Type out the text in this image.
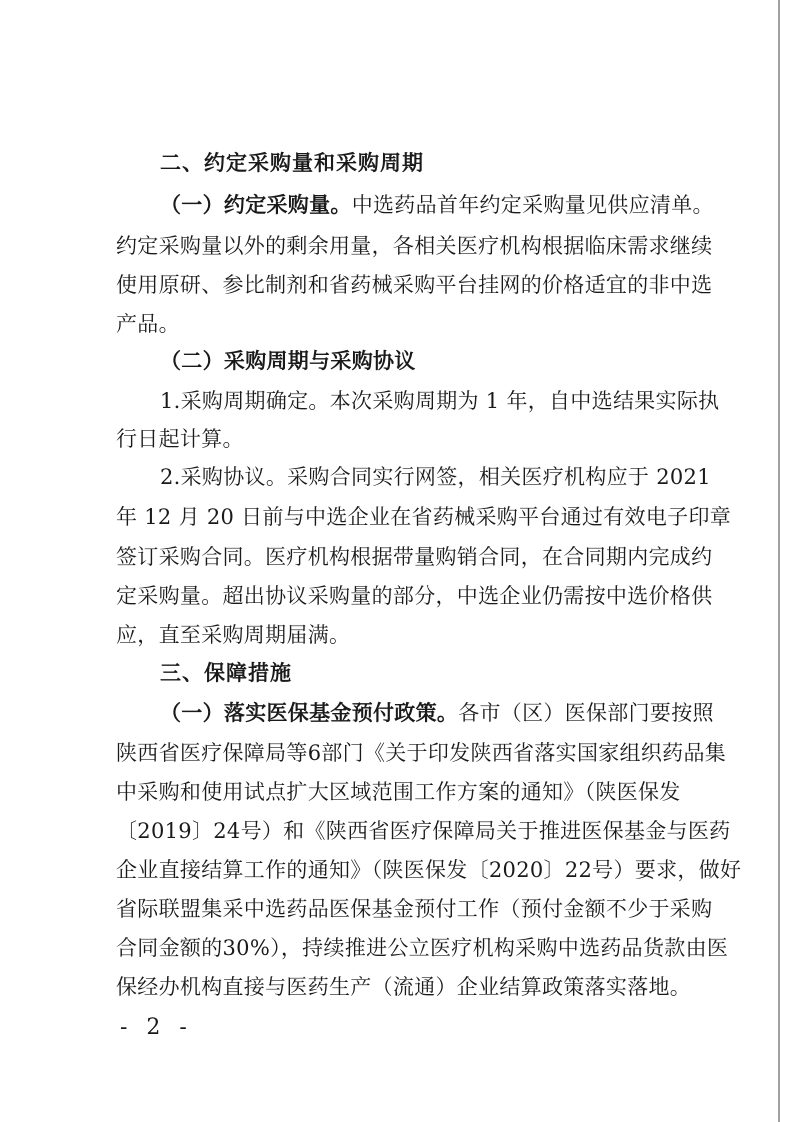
二、约定采购量和采购周期
（一）约定采购量。中选药品首年约定采购量见供应清单。
约定采购量以外的剩余用量，各相关医疗机构根据临床需求继续
使用原研、参比制剂和省药械采购平台挂网的价格适宜的非中选
产品。
（二）采购周期与采购协议
1.采购周期确定。本次采购周期为 1 年，自中选结果实际执
行日起计算。
2.采购协议。采购合同实行网签，相关医疗机构应于 2021
年 12 月 20 日前与中选企业在省药械采购平台通过有效电子印章
签订采购合同。医疗机构根据带量购销合同，在合同期内完成约
定采购量。超出协议采购量的部分，中选企业仍需按中选价格供
应，直至采购周期届满。
三、保障措施
（一）落实医保基金预付政策。各市（区）医保部门要按照
陕西省医疗保障局等6部门《关于印发陕西省落实国家组织药品集
中采购和使用试点扩大区域范围工作方案的通知》（陕医保发
〔2019〕24号）和《陕西省医疗保障局关于推进医保基金与医药
企业直接结算工作的通知》（陕医保发〔2020〕22号）要求，做好
省际联盟集采中选药品医保基金预付工作（预付金额不少于采购
合同金额的30%），持续推进公立医疗机构采购中选药品货款由医
保经办机构直接与医药生产（流通）企业结算政策落实落地。
- 2 -
